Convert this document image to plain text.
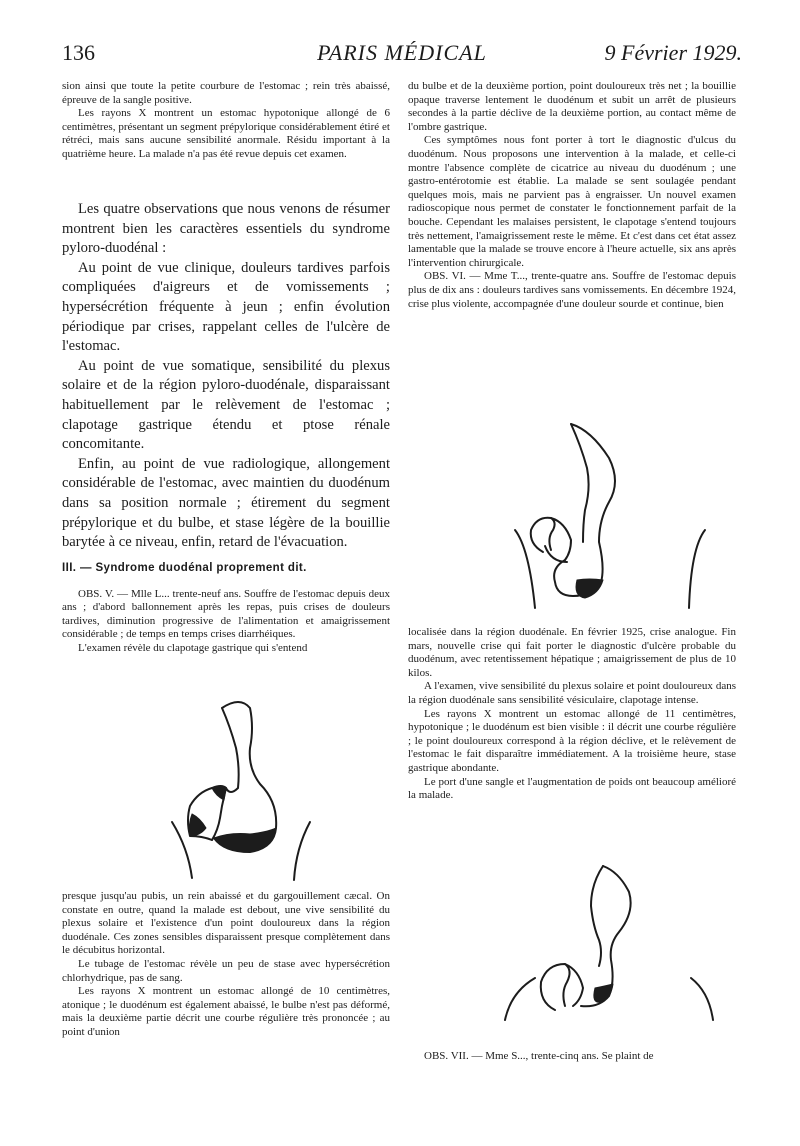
136	PARIS MÉDICAL	9 Février 1929.

sion ainsi que toute la petite courbure de l'estomac ; rein très abaissé, épreuve de la sangle positive.

Les rayons X montrent un estomac hypotonique allongé de 6 centimètres, présentant un segment prépylorique considérablement étiré et rétréci, mais sans aucune sensibilité anormale. Résidu important à la quatrième heure. La malade n'a pas été revue depuis cet examen.

Les quatre observations que nous venons de résumer montrent bien les caractères essentiels du syndrome pyloro-duodénal :

Au point de vue clinique, douleurs tardives parfois compliquées d'aigreurs et de vomissements ; hypersécrétion fréquente à jeun ; enfin évolution périodique par crises, rappelant celles de l'ulcère de l'estomac.

Au point de vue somatique, sensibilité du plexus solaire et de la région pyloro-duodénale, disparaissant habituellement par le relèvement de l'estomac ; clapotage gastrique étendu et ptose rénale concomitante.

Enfin, au point de vue radiologique, allongement considérable de l'estomac, avec maintien du duodénum dans sa position normale ; étirement du segment prépylorique et du bulbe, et stase légère de la bouillie barytée à ce niveau, enfin, retard de l'évacuation.

III. — Syndrome duodénal proprement dit.

OBS. V. — Mlle L... trente-neuf ans. Souffre de l'estomac depuis deux ans ; d'abord ballonnement après les repas, puis crises de douleurs tardives, diminution progressive de l'alimentation et amaigrissement considérable ; de temps en temps crises diarrhéiques.

L'examen révèle du clapotage gastrique qui s'entend

presque jusqu'au pubis, un rein abaissé et du gargouillement cæcal. On constate en outre, quand la malade est debout, une vive sensibilité du plexus solaire et l'existence d'un point douloureux dans la région duodénale. Ces zones sensibles disparaissent presque complètement dans le décubitus horizontal.

Le tubage de l'estomac révèle un peu de stase avec hypersécrétion chlorhydrique, pas de sang.

Les rayons X montrent un estomac allongé de 10 centimètres, atonique ; le duodénum est également abaissé, le bulbe n'est pas déformé, mais la deuxième partie décrit une courbe régulière très prononcée ; au point d'union

du bulbe et de la deuxième portion, point douloureux très net ; la bouillie opaque traverse lentement le duodénum et subit un arrêt de plusieurs secondes à la partie déclive de la deuxième portion, au contact même de l'ombre gastrique.

Ces symptômes nous font porter à tort le diagnostic d'ulcus du duodénum. Nous proposons une intervention à la malade, et celle-ci montre l'absence complète de cicatrice au niveau du duodénum ; une gastro-entérotomie est établie. La malade se sent soulagée pendant quelques mois, mais ne parvient pas à engraisser. Un nouvel examen radioscopique nous permet de constater le fonctionnement parfait de la bouche. Cependant les malaises persistent, le clapotage s'entend toujours très nettement, l'amaigrissement reste le même. Et c'est dans cet état assez lamentable que la malade se trouve encore à l'heure actuelle, six ans après l'intervention chirurgicale.

OBS. VI. — Mme T..., trente-quatre ans. Souffre de l'estomac depuis plus de dix ans : douleurs tardives sans vomissements. En décembre 1924, crise plus violente, accompagnée d'une douleur sourde et continue, bien

localisée dans la région duodénale. En février 1925, crise analogue. Fin mars, nouvelle crise qui fait porter le diagnostic d'ulcère probable du duodénum, avec retentissement hépatique ; amaigrissement de plus de 10 kilos.

A l'examen, vive sensibilité du plexus solaire et point douloureux dans la région duodénale sans sensibilité vésiculaire, clapotage intense.

Les rayons X montrent un estomac allongé de 11 centimètres, hypotonique ; le duodénum est bien visible : il décrit une courbe régulière ; le point douloureux correspond à la région déclive, et le relèvement de l'estomac le fait disparaître immédiatement. A la troisième heure, stase gastrique abondante.

Le port d'une sangle et l'augmentation de poids ont beaucoup amélioré la malade.

OBS. VII. — Mme S..., trente-cinq ans. Se plaint de
